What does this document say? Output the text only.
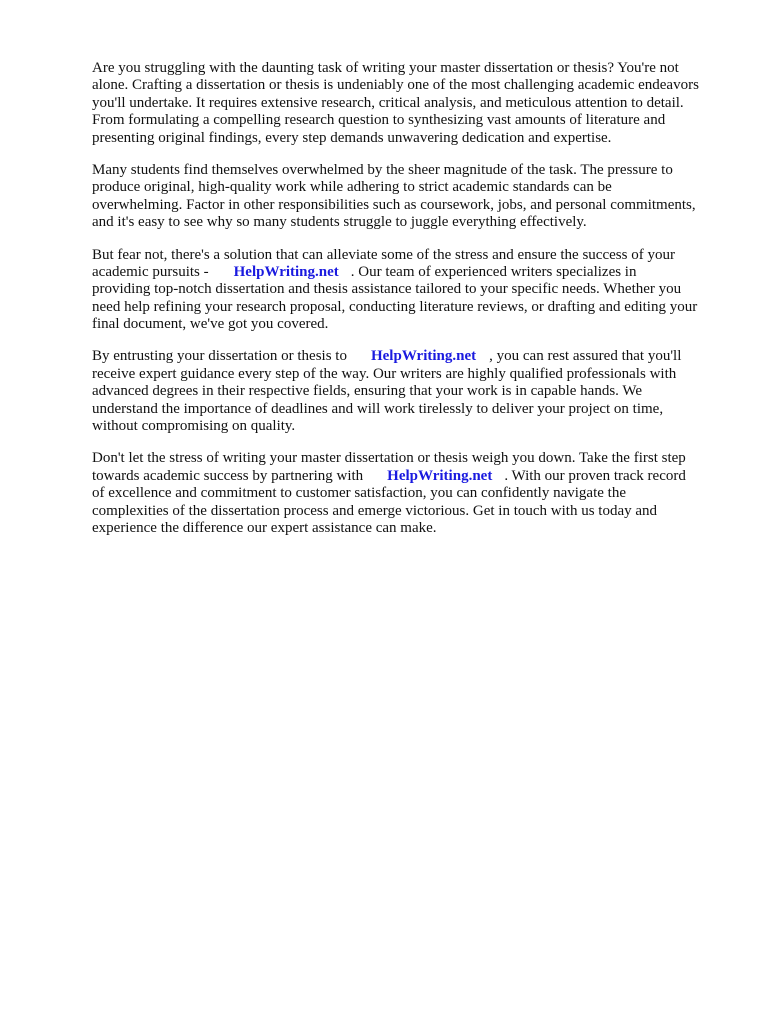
Are you struggling with the daunting task of writing your master dissertation or thesis? You're not
alone. Crafting a dissertation or thesis is undeniably one of the most challenging academic endeavors
you'll undertake. It requires extensive research, critical analysis, and meticulous attention to detail.
From formulating a compelling research question to synthesizing vast amounts of literature and
presenting original findings, every step demands unwavering dedication and expertise.

Many students find themselves overwhelmed by the sheer magnitude of the task. The pressure to
produce original, high-quality work while adhering to strict academic standards can be
overwhelming. Factor in other responsibilities such as coursework, jobs, and personal commitments,
and it's easy to see why so many students struggle to juggle everything effectively.

But fear not, there's a solution that can alleviate some of the stress and ensure the success of your
academic pursuits - HelpWriting.net . Our team of experienced writers specializes in
providing top-notch dissertation and thesis assistance tailored to your specific needs. Whether you
need help refining your research proposal, conducting literature reviews, or drafting and editing your
final document, we've got you covered.

By entrusting your dissertation or thesis to HelpWriting.net , you can rest assured that you'll
receive expert guidance every step of the way. Our writers are highly qualified professionals with
advanced degrees in their respective fields, ensuring that your work is in capable hands. We
understand the importance of deadlines and will work tirelessly to deliver your project on time,
without compromising on quality.

Don't let the stress of writing your master dissertation or thesis weigh you down. Take the first step
towards academic success by partnering with HelpWriting.net . With our proven track record
of excellence and commitment to customer satisfaction, you can confidently navigate the
complexities of the dissertation process and emerge victorious. Get in touch with us today and
experience the difference our expert assistance can make.
